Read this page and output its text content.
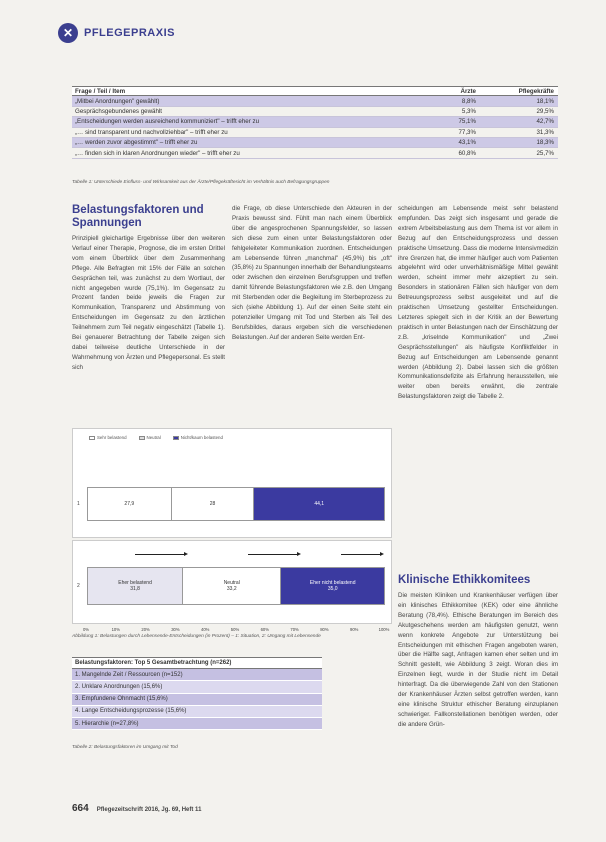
✕ PFLEGEPRAXIS
Frage / Teil / Item	Ärzte	Pflegekräfte
„Mitbei Anordnungen" gewählt)	8,8%	18,1%
Gesprächsgebundenes gewählt	5,3%	29,5%
„Entscheidungen werden ausreichend kommuniziert" – trifft eher zu	75,1%	42,7%
„… sind transparent und nachvollziehbar" – trifft eher zu	77,3%	31,3%
„… werden zuvor abgestimmt" – trifft eher zu	43,1%	18,3%
„… finden sich in klaren Anordnungen wieder" – trifft eher zu	60,8%	25,7%
Tabelle 1: Unterschiede Einfluss- und Wirksamkeit aus der Ärzte/Pflegekräftesicht im Verhältnis auch Befragungsgruppen
Belastungsfaktoren und Spannungen
Prinzipiell gleichartige Ergebnisse über den weiteren Verlauf einer Therapie, Prognose, die im ersten Drittel vom einem Überblick über dem Zusammenhang Pflege. Alle Befragten mit 15% der Fälle an solchen Gesprächen teil, was zunächst zu dem Wortlaut, der nicht angegeben wurde (75,1%). Im Gegensatz zu Prozent fanden beide jeweils die Fragen zur Kommunikation, Transparenz und Abstimmung von Entscheidungen im Gegensatz zu den ärztlichen Teilnehmern zum Teil negativ eingeschätzt (Tabelle 1). Bei genauerer Betrachtung der Tabelle zeigen sich dabei teilweise deutliche Unterschiede in der Wahrnehmung von Ärzten und Pflegepersonal. Es stellt sich
die Frage, ob diese Unterschiede den Akteuren in der Praxis bewusst sind. Fühlt man nach einem Überblick über die angesprochenen Spannungsfelder, so lassen sich diese zum einen unter Belastungsfaktoren oder fehlgeleiteter Kommunikation zuordnen. Entscheidungen am Lebensende führen „manchmal" (45,9%) bis „oft" (35,8%) zu Spannungen innerhalb der Behandlungsteams oder zwischen den einzelnen Berufsgruppen und treffen damit führende Belastungsfaktoren wie z.B. den Umgang mit Sterbenden oder die Begleitung im Sterbeprozess zu sich (siehe Abbildung 1). Auf der einen Seite steht ein potenzieller Umgang mit Tod und Sterben als Teil des Berufsbildes, daraus ergeben sich die verschiedenen Belastungen. Auf der anderen Seite werden Ent-
scheidungen am Lebensende meist sehr belastend empfunden. Das zeigt sich insgesamt und gerade die extrem Arbeitsbelastung aus dem Thema ist vor allem in Bezug auf den Entscheidungsprozess und dessen praktische Umsetzung. Dass die moderne Intensivmedizin ihre Grenzen hat, die immer häufiger auch vom Patienten abgelehnt wird oder unverhältnismäßige Mittel gewählt werden, scheint immer mehr akzeptiert zu sein. Besonders in stationären Fällen sich häufiger von dem Betreuungsprozess selbst ausgeleitet und auf die praktischen Umsetzung gestellter Entscheidungen. Letzteres spiegelt sich in der Kritik an der Bewertung praktisch in unter Belastungen nach der Einschätzung der z.B. „kriselnde Kommunikation" und „Zwei Gesprächsstellungen" als häufigste Konfliktfelder in Bezug auf Entscheidungen am Lebensende genannt werden (Abbildung 2). Dabei lassen sich die größten Kommunikationsdefizite als Erfahrung herausstellen, wie weiter oben bereits erwähnt, die zentrale Belastungsfaktoren zeigt die Tabelle 2.
Klinische Ethikkomitees
Die meisten Kliniken und Krankenhäuser verfügen über ein klinisches Ethikkomitee (KEK) oder eine ähnliche Beratung (78,4%). Ethische Beratungen im Bereich des Akutgeschehens werden am häufigsten genutzt, wenn wenn konkrete Angebote zur Unterstützung bei Entscheidungen mit ethischen Fragen angeboten waren, über die Hälfte sagt, Anfragen kamen eher selten und im Schnitt gestellt, wie Abbildung 3 zeigt. Woran dies im Einzelnen liegt, wurde in der Studie nicht im Detail hinterfragt. Da die überwiegende Zahl von den Stationen der Krankenhäuser Ärzten selbst getroffen werden, kann eine klinische Struktur ethischer Beratung einzuplanen schwieriger. Fallkonstellationen benötigen werden, oder die andere Grün-
Sehr belastend	Neutral	Nicht/kaum belastend
1	27,9	28	44,1
2	Eher belastend
31,8
Neutral
33,2
Eher nicht belastend
35,0
0%	10%	20%	30%	40%	50%	60%	70%	80%	90%	100%
Abbildung 1: Belastungen durch Lebensende-Entscheidungen (in Prozent) – 1: Situation, 2: Umgang mit Lebensende
Belastungsfaktoren: Top 5 Gesamtbetrachtung (n=262)
1. Mangelnde Zeit / Ressourcen (n=152)
2. Unklare Anordnungen (15,6%)
3. Empfundene Ohnmacht (15,6%)
4. Lange Entscheidungsprozesse (15,6%)
5. Hierarchie (n=27,8%)
Tabelle 2: Belastungsfaktoren im Umgang mit Tod
664 Pflegezeitschrift 2016, Jg. 69, Heft 11
